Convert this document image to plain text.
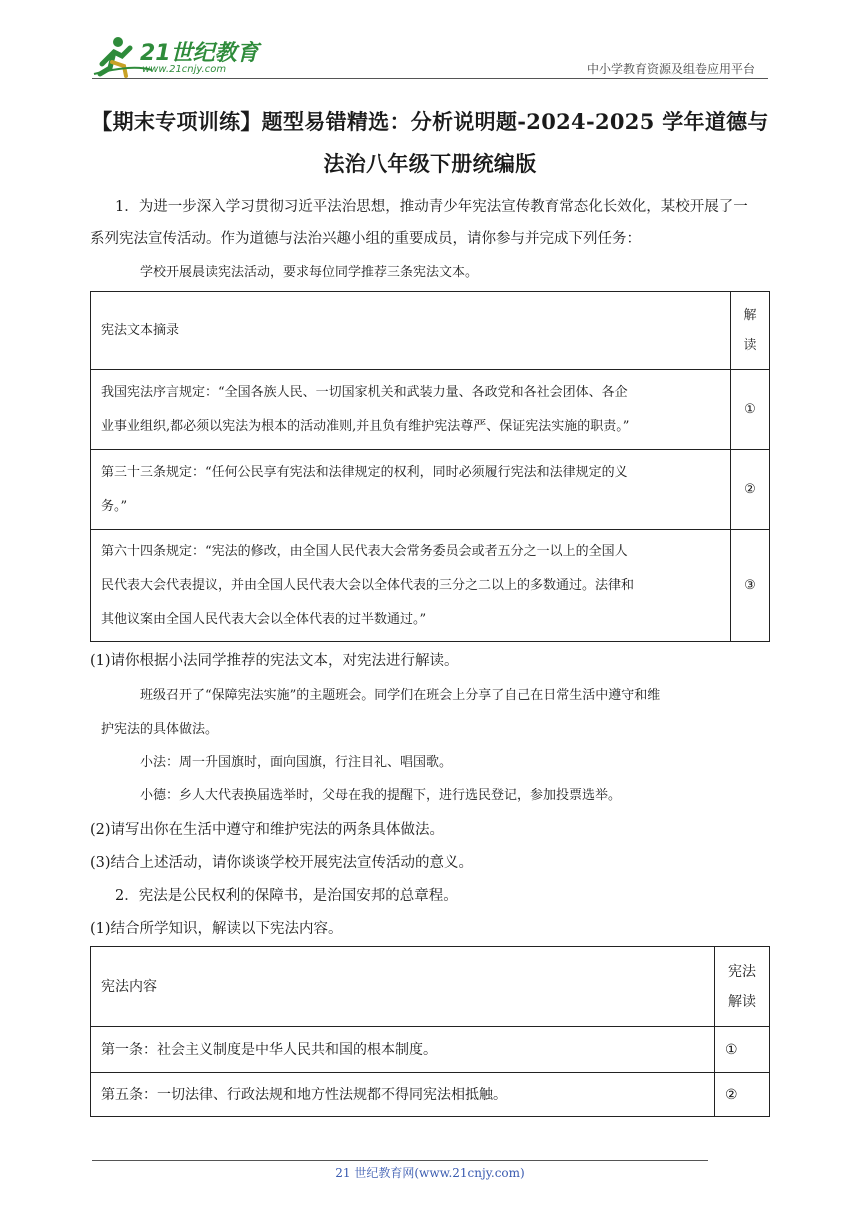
21世纪教育
www.21cnjy.com	中小学教育资源及组卷应用平台
【期末专项训练】题型易错精选：分析说明题-2024-2025 学年道德与
法治八年级下册统编版
1．为进一步深入学习贯彻习近平法治思想，推动青少年宪法宣传教育常态化长效化，某校开展了一
系列宪法宣传活动。作为道德与法治兴趣小组的重要成员，请你参与并完成下列任务：
学校开展晨读宪法活动，要求每位同学推荐三条宪法文本。
宪法文本摘录	解
读

我国宪法序言规定：“全国各族人民、一切国家机关和武装力量、各政党和各社会团体、各企
业事业组织,都必须以宪法为根本的活动准则,并且负有维护宪法尊严、保证宪法实施的职责。”	①

第三十三条规定：“任何公民享有宪法和法律规定的权利，同时必须履行宪法和法律规定的义
务。”	②

第六十四条规定：“宪法的修改，由全国人民代表大会常务委员会或者五分之一以上的全国人
民代表大会代表提议，并由全国人民代表大会以全体代表的三分之二以上的多数通过。法律和
其他议案由全国人民代表大会以全体代表的过半数通过。”	③
(1)请你根据小法同学推荐的宪法文本，对宪法进行解读。
班级召开了“保障宪法实施”的主题班会。同学们在班会上分享了自己在日常生活中遵守和维
护宪法的具体做法。
小法：周一升国旗时，面向国旗，行注目礼、唱国歌。
小德：乡人大代表换届选举时，父母在我的提醒下，进行选民登记，参加投票选举。
(2)请写出你在生活中遵守和维护宪法的两条具体做法。
(3)结合上述活动，请你谈谈学校开展宪法宣传活动的意义。
2．宪法是公民权利的保障书，是治国安邦的总章程。
(1)结合所学知识，解读以下宪法内容。
宪法内容	宪法
解读

第一条：社会主义制度是中华人民共和国的根本制度。	①
第五条：一切法律、行政法规和地方性法规都不得同宪法相抵触。	②
21 世纪教育网(www.21cnjy.com)
